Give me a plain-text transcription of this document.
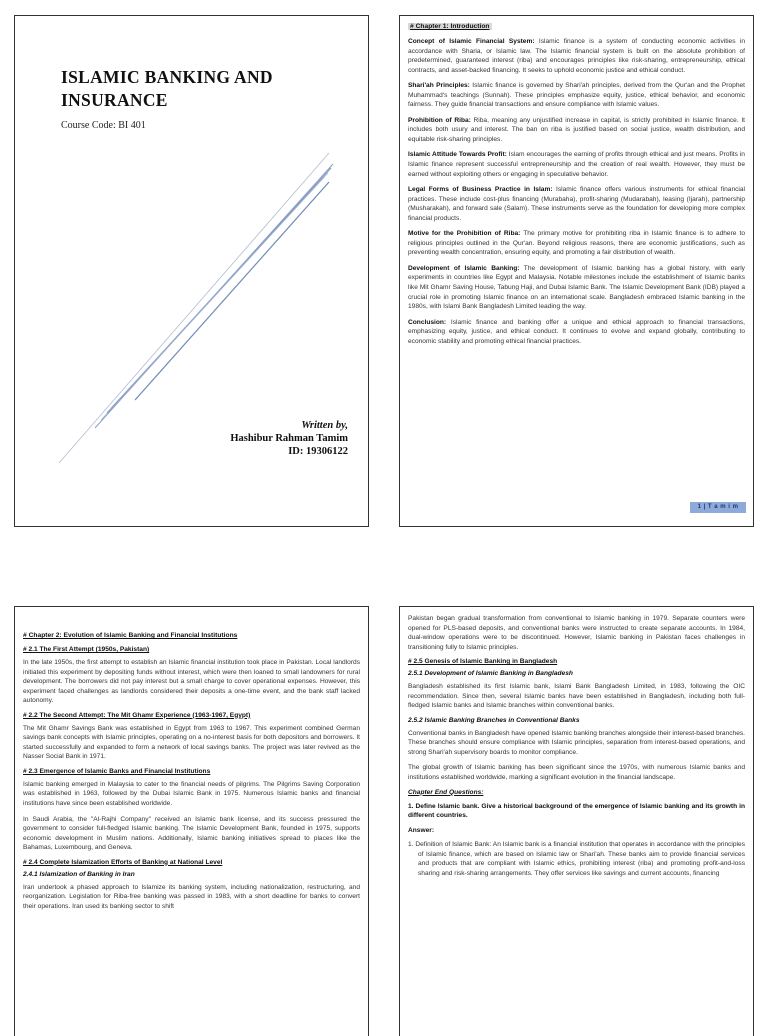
ISLAMIC BANKING AND INSURANCE
Course Code: BI 401
Written by,
Hashibur Rahman Tamim
ID: 19306122
# Chapter 1: Introduction

Concept of Islamic Financial System: Islamic finance is a system of conducting economic activities in accordance with Sharia, or Islamic law. The Islamic financial system is built on the absolute prohibition of predetermined, guaranteed interest (riba) and encourages principles like risk-sharing, entrepreneurship, ethical contracts, and asset-backed financing. It seeks to uphold economic justice and ethical conduct.

Shari'ah Principles: Islamic finance is governed by Shari'ah principles, derived from the Qur'an and the Prophet Muhammad's teachings (Sunnah). These principles emphasize equity, justice, ethical behavior, and economic fairness. They guide financial transactions and ensure compliance with Islamic values.

Prohibition of Riba: Riba, meaning any unjustified increase in capital, is strictly prohibited in Islamic finance. It includes both usury and interest. The ban on riba is justified based on social justice, wealth distribution, and equitable risk-sharing principles.

Islamic Attitude Towards Profit: Islam encourages the earning of profits through ethical and just means. Profits in Islamic finance represent successful entrepreneurship and the creation of real wealth. However, they must be earned without exploiting others or engaging in speculative behavior.

Legal Forms of Business Practice in Islam: Islamic finance offers various instruments for ethical financial practices. These include cost-plus financing (Murabaha), profit-sharing (Mudarabah), leasing (Ijarah), partnership (Musharakah), and forward sale (Salam). These instruments serve as the foundation for developing more complex financial products.

Motive for the Prohibition of Riba: The primary motive for prohibiting riba in Islamic finance is to adhere to religious principles outlined in the Qur'an. Beyond religious reasons, there are economic justifications, such as preventing wealth concentration, ensuring equity, and promoting a fair distribution of wealth.

Development of Islamic Banking: The development of Islamic banking has a global history, with early experiments in countries like Egypt and Malaysia. Notable milestones include the establishment of Islamic banks like Mit Ghamr Saving House, Tabung Haji, and Dubai Islamic Bank. The Islamic Development Bank (IDB) played a crucial role in promoting Islamic finance on an international scale. Bangladesh embraced Islamic banking in the 1980s, with Islami Bank Bangladesh Limited leading the way.

Conclusion: Islamic finance and banking offer a unique and ethical approach to financial transactions, emphasizing equity, justice, and ethical conduct. It continues to evolve and expand globally, contributing to economic stability and promoting ethical financial practices.

1 | T a m i m
# Chapter 2: Evolution of Islamic Banking and Financial Institutions
# 2.1 The First Attempt (1950s, Pakistan)

In the late 1950s, the first attempt to establish an Islamic financial institution took place in Pakistan. Local landlords initiated this experiment by depositing funds without interest, which were then loaned to small landowners for rural development. The borrowers did not pay interest but a small charge to cover operational expenses. However, this experiment faced challenges as landlords considered their deposits a one-time event, and the bank staff lacked autonomy.

# 2.2 The Second Attempt: The Mit Ghamr Experience (1963-1967, Egypt)

The Mit Ghamr Savings Bank was established in Egypt from 1963 to 1967. This experiment combined German savings bank concepts with Islamic principles, operating on a no-interest basis for both depositors and borrowers. It started successfully and expanded to form a network of local savings banks. The project was later revived as the Nasser Social Bank in 1971.

# 2.3 Emergence of Islamic Banks and Financial Institutions

Islamic banking emerged in Malaysia to cater to the financial needs of pilgrims. The Pilgrims Saving Corporation was established in 1963, followed by the Dubai Islamic Bank in 1975. Numerous Islamic banks and financial institutions have since been established worldwide.

In Saudi Arabia, the "Al-Rajhi Company" received an Islamic bank license, and its success pressured the government to consider full-fledged Islamic banking. The Islamic Development Bank, founded in 1975, supports economic development in Muslim nations. Additionally, Islamic banking initiatives spread to places like the Bahamas, Luxembourg, and Geneva.

# 2.4 Complete Islamization Efforts of Banking at National Level
2.4.1 Islamization of Banking in Iran

Iran undertook a phased approach to Islamize its banking system, including nationalization, restructuring, and reorganization. Legislation for Riba-free banking was passed in 1983, with a short deadline for banks to convert their operations. Iran used its banking sector to shift

Pakistan began gradual transformation from conventional to Islamic banking in 1979. Separate counters were opened for PLS-based deposits, and conventional banks were instructed to create separate accounts. In 1984, dual-window operations were to be discontinued. However, Islamic banking in Pakistan faces challenges in transitioning fully to Islamic principles.

# 2.5 Genesis of Islamic Banking in Bangladesh
2.5.1 Development of Islamic Banking in Bangladesh

Bangladesh established its first Islamic bank, Islami Bank Bangladesh Limited, in 1983, following the OIC recommendation. Since then, several Islamic banks have been established in Bangladesh, including both full-fledged Islamic banks and Islamic branches within conventional banks.

2.5.2 Islamic Banking Branches in Conventional Banks

Conventional banks in Bangladesh have opened Islamic banking branches alongside their interest-based branches. These branches should ensure compliance with Islamic principles, separation from interest-based operations, and strong Shari'ah supervisory boards to monitor compliance.

The global growth of Islamic banking has been significant since the 1970s, with numerous Islamic banks and institutions established worldwide, marking a significant evolution in the financial landscape.

Chapter End Questions:

1. Define Islamic bank. Give a historical background of the emergence of Islamic banking and its growth in different countries.

Answer:

1. Definition of Islamic Bank: An Islamic bank is a financial institution that operates in accordance with the principles of Islamic finance, which are based on Islamic law or Shari'ah. These banks aim to provide financial services and products that are compliant with Islamic ethics, prohibiting interest (riba) and promoting profit-and-loss sharing and risk-sharing arrangements. They offer services like savings and current accounts, financing
